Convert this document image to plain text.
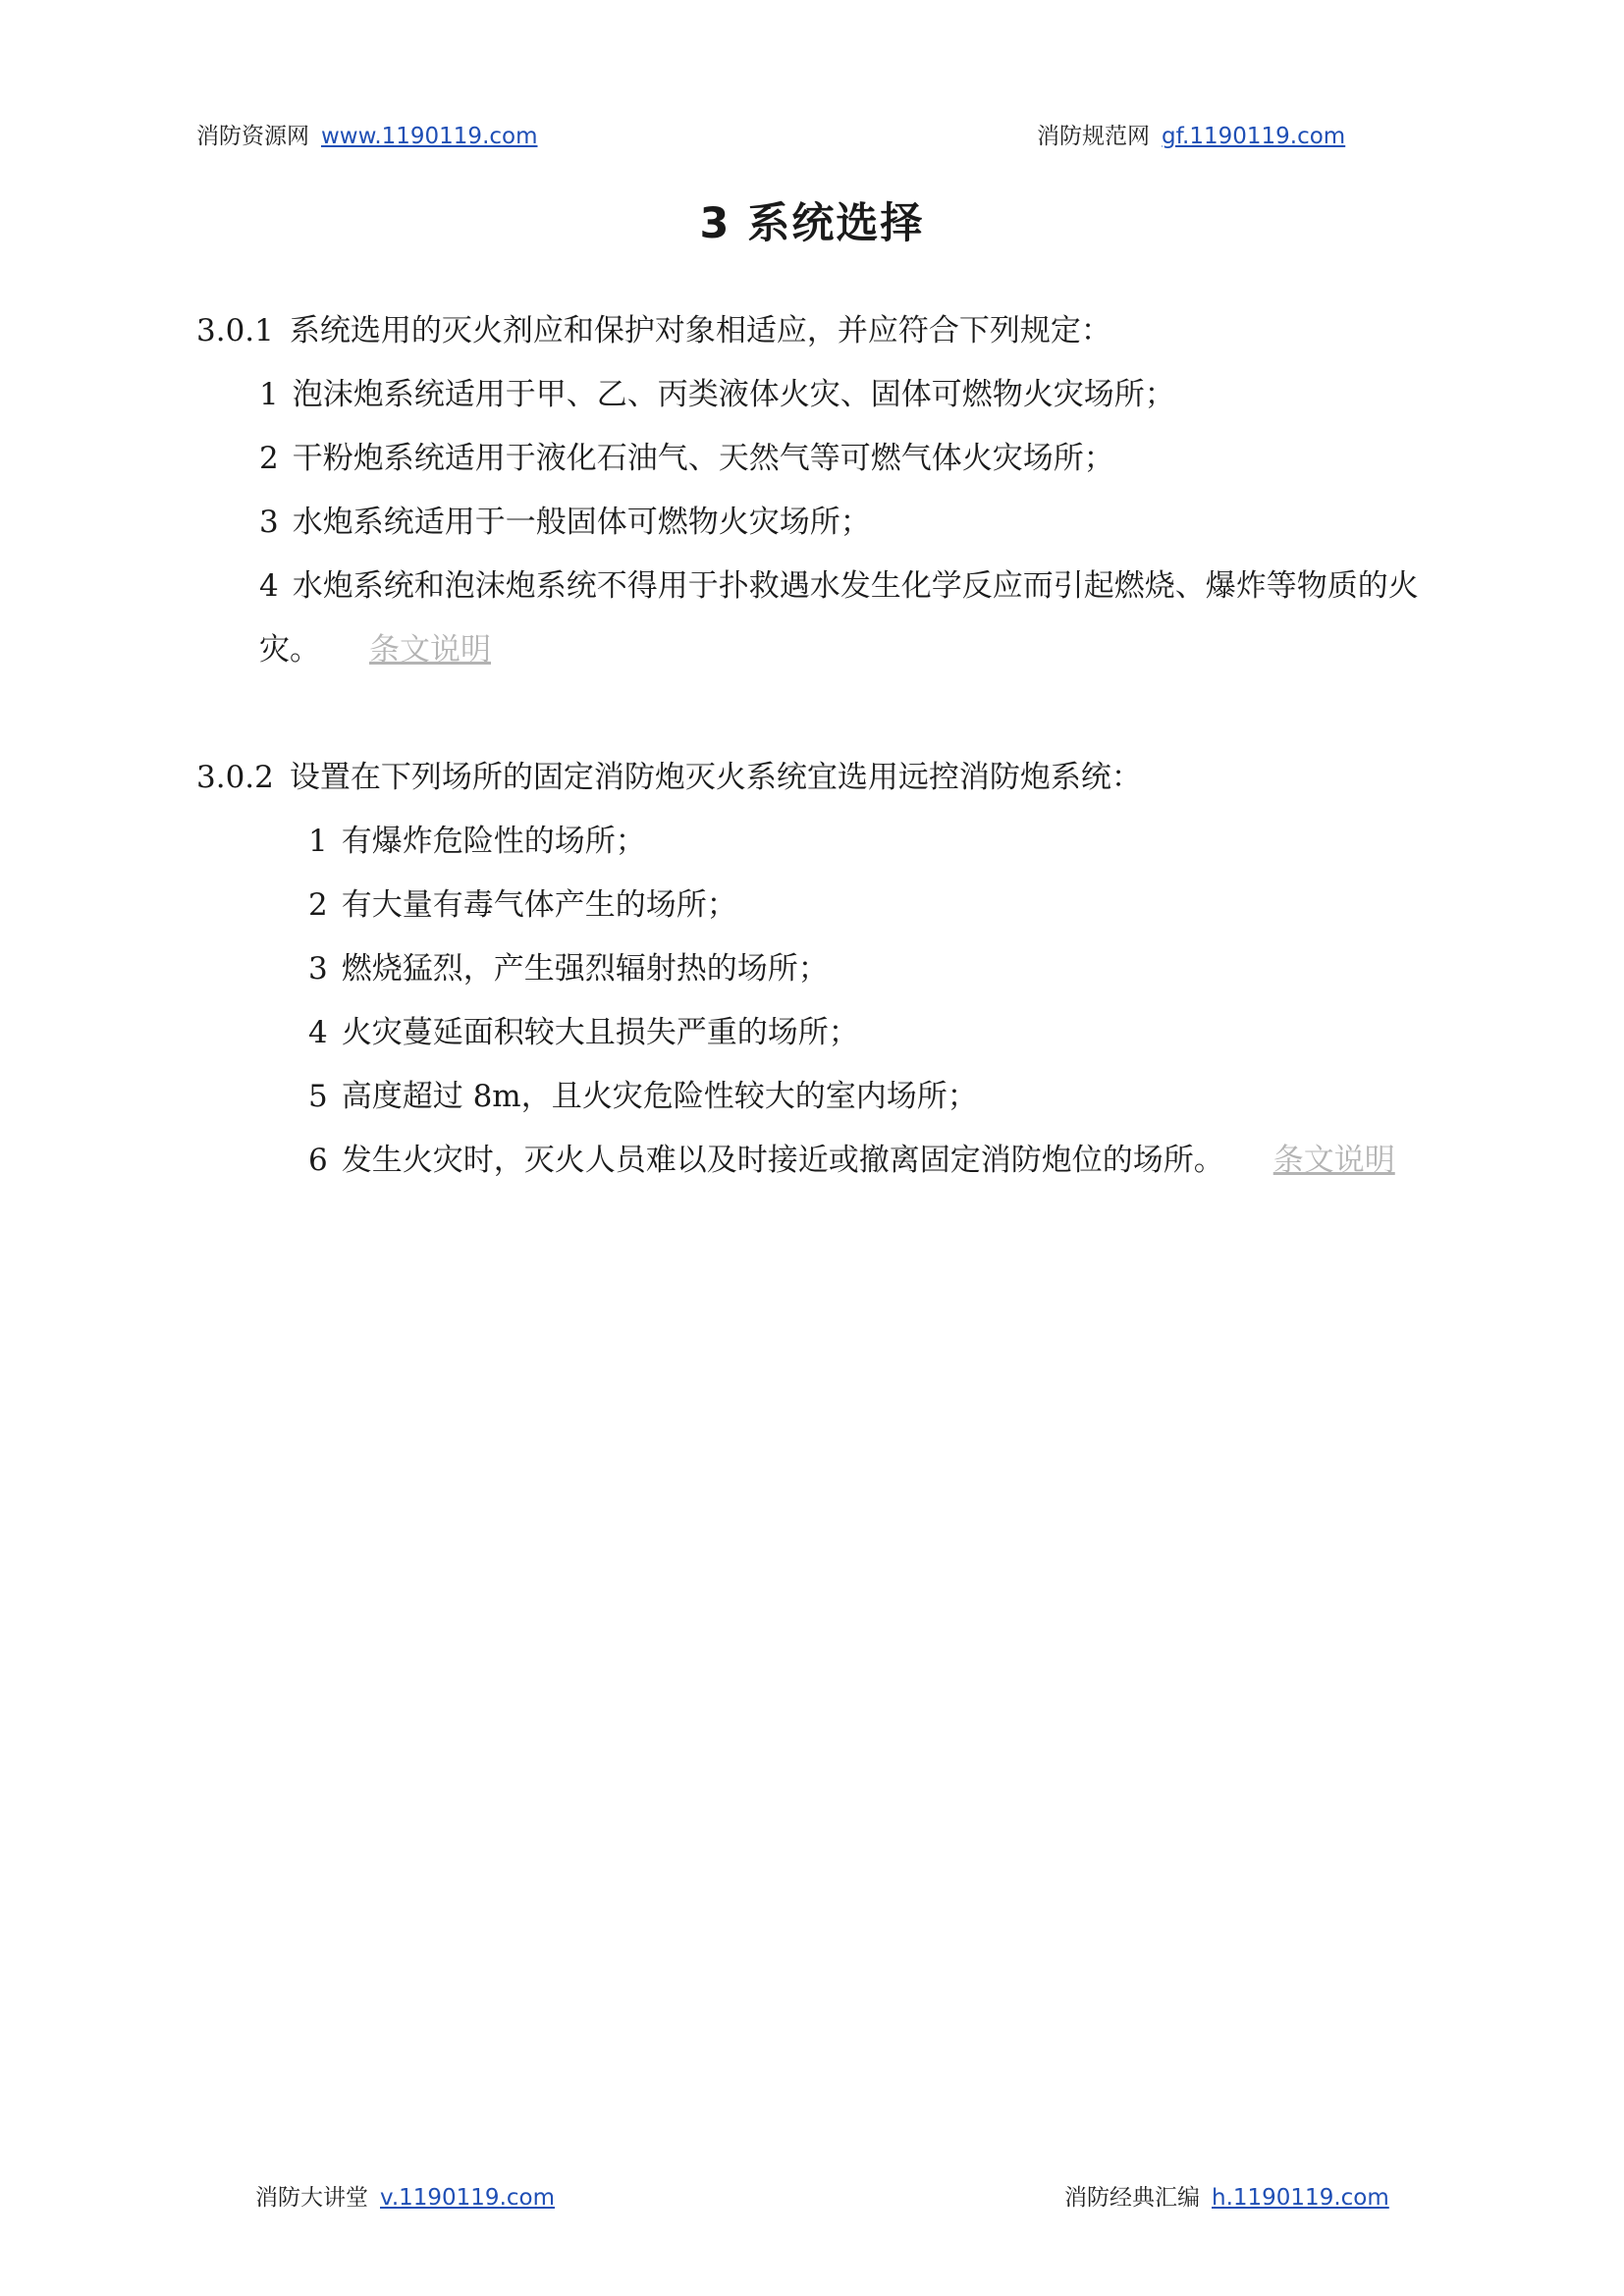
消防资源网 www.1190119.com	消防规范网 gf.1190119.com
3 系统选择

3.0.1 系统选用的灭火剂应和保护对象相适应，并应符合下列规定：

1 泡沫炮系统适用于甲、乙、丙类液体火灾、固体可燃物火灾场所；

2 干粉炮系统适用于液化石油气、天然气等可燃气体火灾场所；

3 水炮系统适用于一般固体可燃物火灾场所；

4 水炮系统和泡沫炮系统不得用于扑救遇水发生化学反应而引起燃烧、爆炸等物质的火灾。 条文说明

3.0.2 设置在下列场所的固定消防炮灭火系统宜选用远控消防炮系统：

1 有爆炸危险性的场所；

2 有大量有毒气体产生的场所；

3 燃烧猛烈，产生强烈辐射热的场所；

4 火灾蔓延面积较大且损失严重的场所；

5 高度超过 8m，且火灾危险性较大的室内场所；

6 发生火灾时，灭火人员难以及时接近或撤离固定消防炮位的场所。 条文说明

消防大讲堂 v.1190119.com	消防经典汇编 h.1190119.com
